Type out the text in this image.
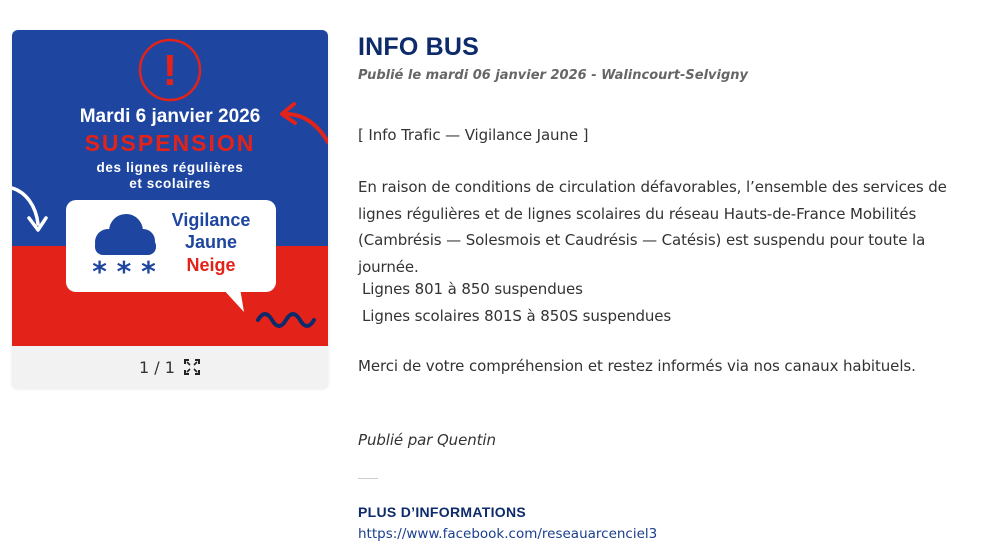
!
Mardi 6 janvier 2026
SUSPENSION
des lignes régulières
et scolaires
* * *
Vigilance
Jaune
Neige
1 / 1
INFO BUS
Publié le mardi 06 janvier 2026 - Walincourt-Selvigny

[ Info Trafic — Vigilance Jaune ]

En raison de conditions de circulation défavorables, l’ensemble des services de lignes régulières et de lignes scolaires du réseau Hauts-de-France Mobilités (Cambrésis — Solesmois et Caudrésis — Catésis) est suspendu pour toute la journée.

Lignes 801 à 850 suspendues
Lignes scolaires 801S à 850S suspendues

Merci de votre compréhension et restez informés via nos canaux habituels.

Publié par Quentin

PLUS D’INFORMATIONS
https://www.facebook.com/reseauarcenciel3
